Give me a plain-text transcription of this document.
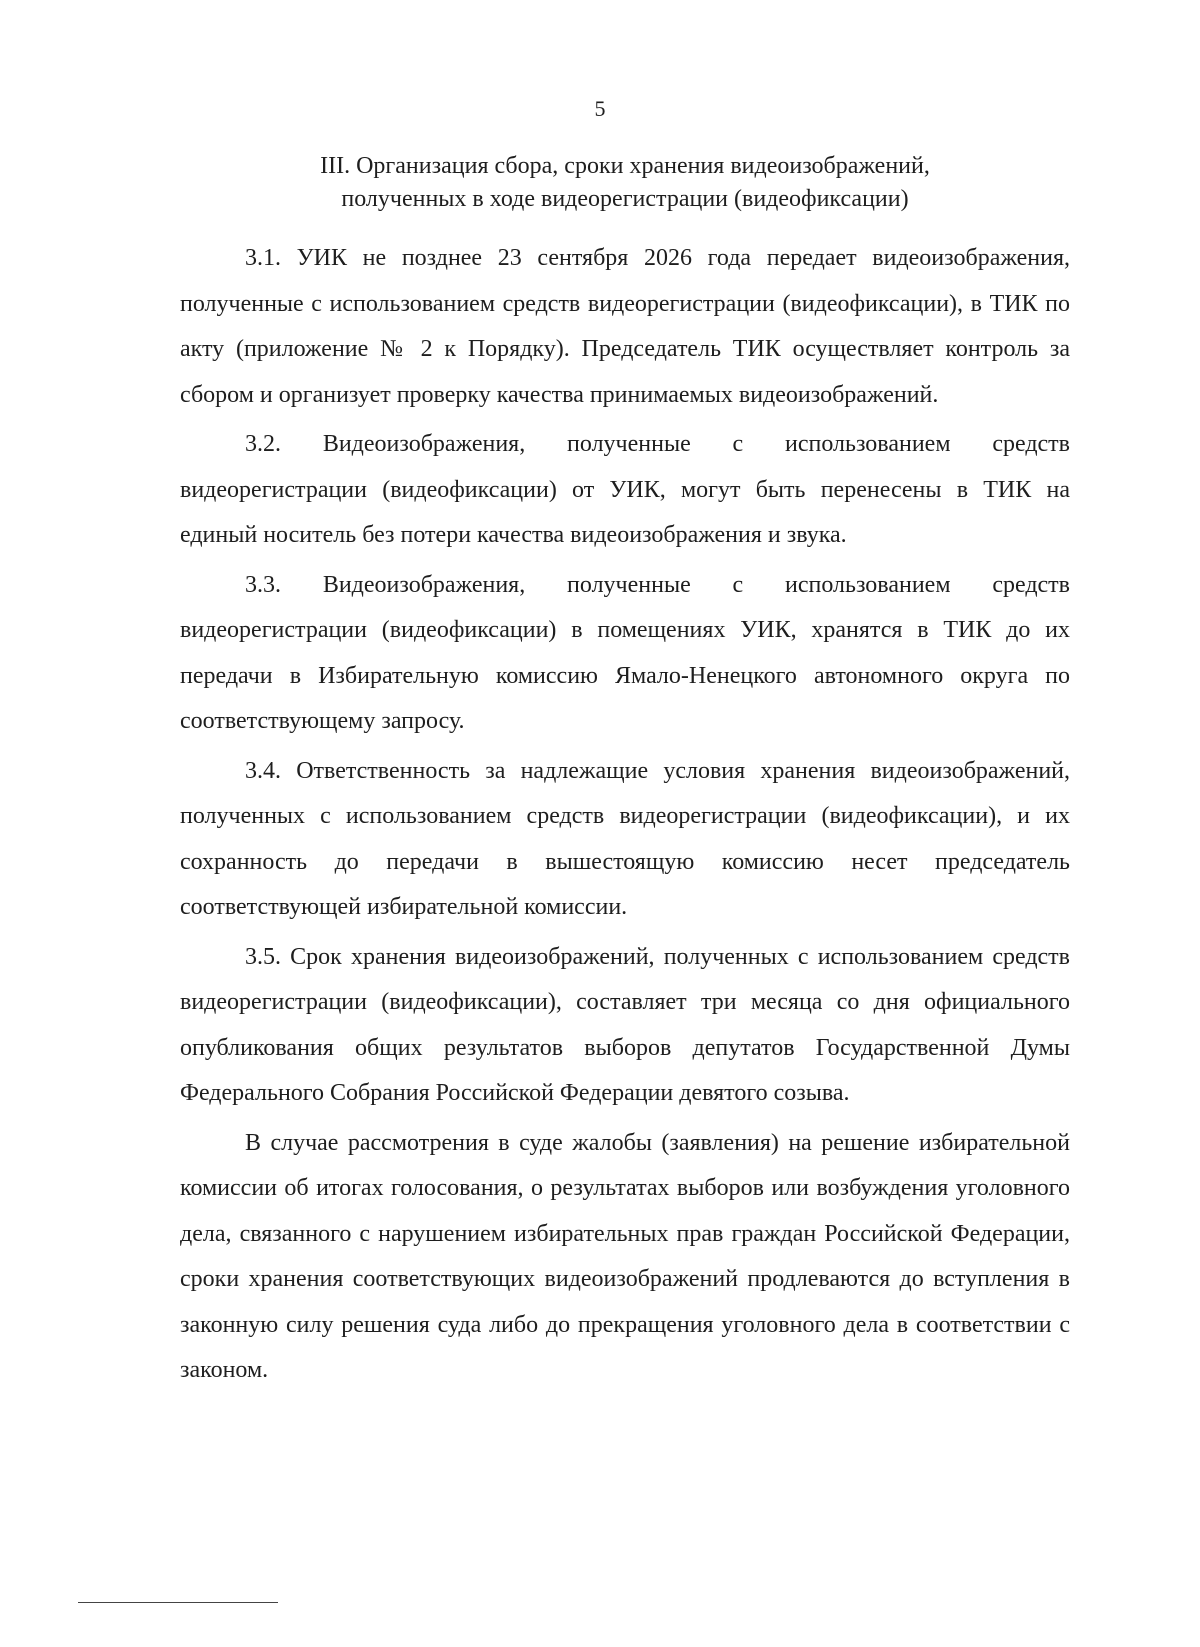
5
III. Организация сбора, сроки хранения видеоизображений,
полученных в ходе видеорегистрации (видеофиксации)

3.1. УИК не позднее 23 сентября 2026 года передает видеоизображения, полученные с использованием средств видеорегистрации (видеофиксации), в ТИК по акту (приложение № 2 к Порядку). Председатель ТИК осуществляет контроль за сбором и организует проверку качества принимаемых видеоизображений.

3.2. Видеоизображения, полученные с использованием средств видеорегистрации (видеофиксации) от УИК, могут быть перенесены в ТИК на единый носитель без потери качества видеоизображения и звука.

3.3. Видеоизображения, полученные с использованием средств видеорегистрации (видеофиксации) в помещениях УИК, хранятся в ТИК до их передачи в Избирательную комиссию Ямало-Ненецкого автономного округа по соответствующему запросу.

3.4. Ответственность за надлежащие условия хранения видеоизображений, полученных с использованием средств видеорегистрации (видеофиксации), и их сохранность до передачи в вышестоящую комиссию несет председатель соответствующей избирательной комиссии.

3.5. Срок хранения видеоизображений, полученных с использованием средств видеорегистрации (видеофиксации), составляет три месяца со дня официального опубликования общих результатов выборов депутатов Государственной Думы Федерального Собрания Российской Федерации девятого созыва.

В случае рассмотрения в суде жалобы (заявления) на решение избирательной комиссии об итогах голосования, о результатах выборов или возбуждения уголовного дела, связанного с нарушением избирательных прав граждан Российской Федерации, сроки хранения соответствующих видеоизображений продлеваются до вступления в законную силу решения суда либо до прекращения уголовного дела в соответствии с законом.
